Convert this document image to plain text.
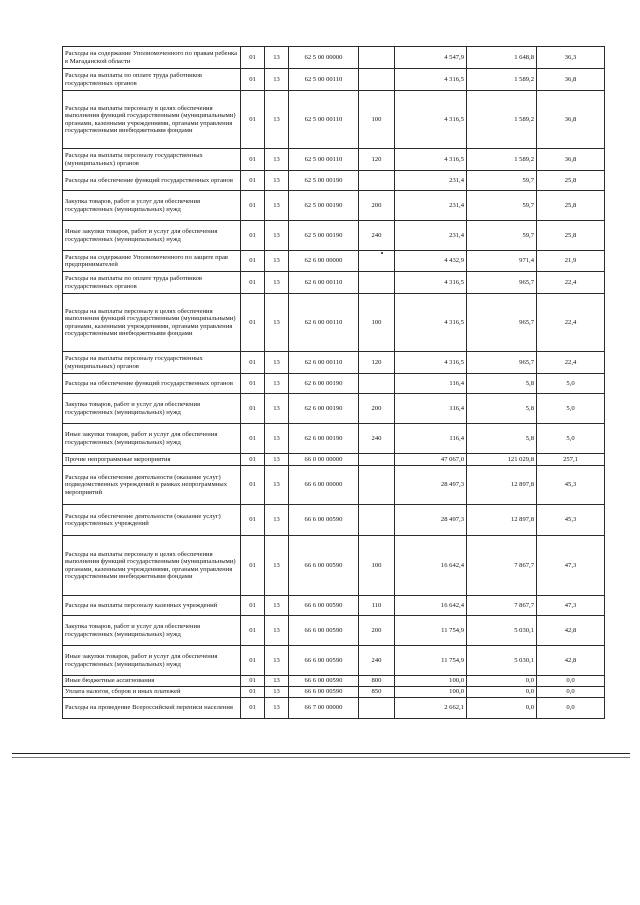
Расходы на содержание Уполномоченного по правам ребенка в Магаданской области	01	13	62 5 00 00000		4 547,9	1 648,8	36,3
Расходы на выплаты по оплате труда работников государственных органов	01	13	62 5 00 00110		4 316,5	1 589,2	36,8
Расходы на выплаты персоналу в целях обеспечения выполнения функций государственными (муниципальными) органами, казенными учреждениями, органами управления государственными внебюджетными фондами	01	13	62 5 00 00110	100	4 316,5	1 589,2	36,8
Расходы на выплаты персоналу государственных (муниципальных) органов	01	13	62 5 00 00110	120	4 316,5	1 589,2	36,8
Расходы на обеспечение функций государственных органов	01	13	62 5 00 00190		231,4	59,7	25,8
Закупка товаров, работ и услуг для обеспечения государственных (муниципальных) нужд	01	13	62 5 00 00190	200	231,4	59,7	25,8
Иные закупки товаров, работ и услуг для обеспечения государственных (муниципальных) нужд	01	13	62 5 00 00190	240	231,4	59,7	25,8
Расходы на содержание Уполномоченного по защите прав предпринимателей	01	13	62 6 00 00000		4 432,9	971,4	21,9
Расходы на выплаты по оплате труда работников государственных органов	01	13	62 6 00 00110		4 316,5	965,7	22,4
Расходы на выплаты персоналу в целях обеспечения выполнения функций государственными (муниципальными) органами, казенными учреждениями, органами управления государственными внебюджетными фондами	01	13	62 6 00 00110	100	4 316,5	965,7	22,4
Расходы на выплаты персоналу государственных (муниципальных) органов	01	13	62 6 00 00110	120	4 316,5	965,7	22,4
Расходы на обеспечение функций государственных органов	01	13	62 6 00 00190		116,4	5,8	5,0
Закупка товаров, работ и услуг для обеспечения государственных (муниципальных) нужд	01	13	62 6 00 00190	200	116,4	5,8	5,0
Иные закупки товаров, работ и услуг для обеспечения государственных (муниципальных) нужд	01	13	62 6 00 00190	240	116,4	5,8	5,0
Прочие непрограммные мероприятия	01	13	66 0 00 00000		47 067,0	121 029,8	257,1
Расходы на обеспечение деятельности (оказание услуг) подведомственных учреждений в рамках непрограммных мероприятий	01	13	66 6 00 00000		28 497,3	12 897,8	45,3
Расходы на обеспечение деятельности (оказание услуг) государственных учреждений	01	13	66 6 00 00590		28 497,3	12 897,8	45,3
Расходы на выплаты персоналу в целях обеспечения выполнения функций государственными (муниципальными) органами, казенными учреждениями, органами управления государственными внебюджетными фондами	01	13	66 6 00 00590	100	16 642,4	7 867,7	47,3
Расходы на выплаты персоналу казенных учреждений	01	13	66 6 00 00590	110	16 642,4	7 867,7	47,3
Закупка товаров, работ и услуг для обеспечения государственных (муниципальных) нужд	01	13	66 6 00 00590	200	11 754,9	5 030,1	42,8
Иные закупки товаров, работ и услуг для обеспечения государственных (муниципальных) нужд	01	13	66 6 00 00590	240	11 754,9	5 030,1	42,8
Иные бюджетные ассигнования	01	13	66 6 00 00590	800	100,0	0,0	0,0
Уплата налогов, сборов и иных платежей	01	13	66 6 00 00590	850	100,0	0,0	0,0
Расходы на проведение Всероссийской переписи населения	01	13	66 7 00 00000		2 662,1	0,0	0,0
